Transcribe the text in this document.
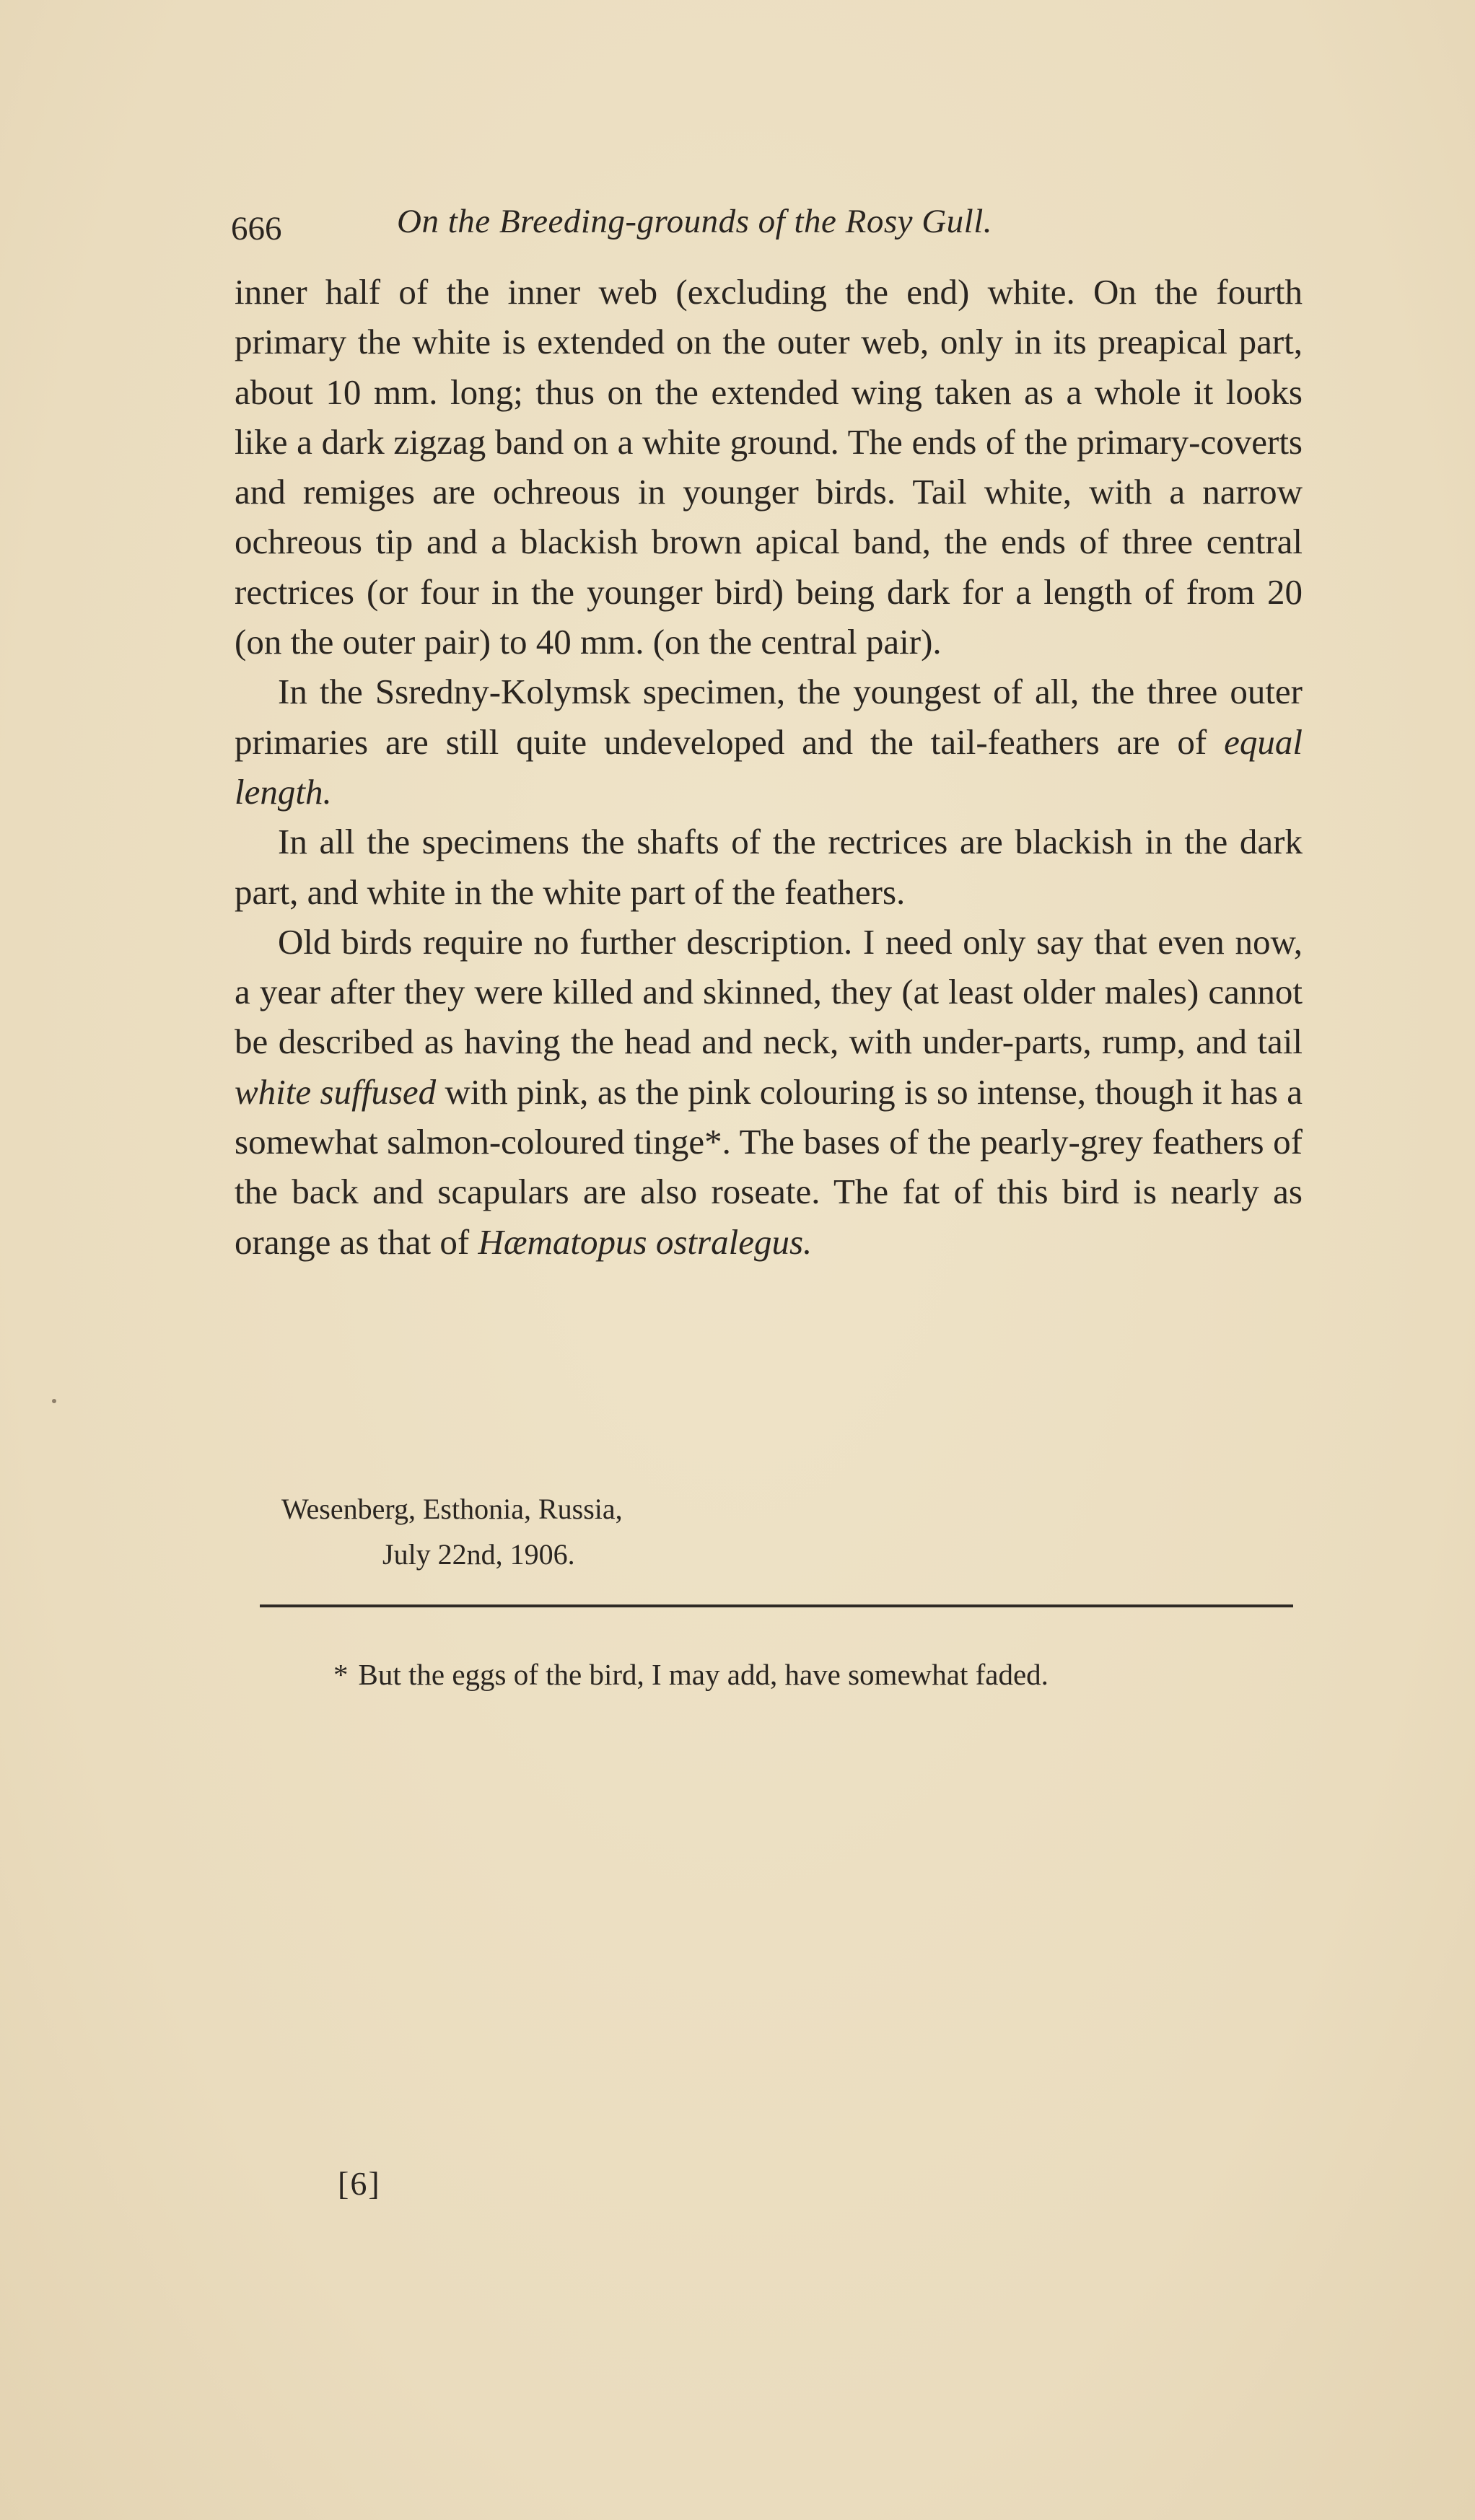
666	On the Breeding-grounds of the Rosy Gull.

inner half of the inner web (excluding the end) white. On the fourth primary the white is extended on the outer web, only in its preapical part, about 10 mm. long; thus on the extended wing taken as a whole it looks like a dark zigzag band on a white ground. The ends of the primary-coverts and remiges are ochreous in younger birds. Tail white, with a narrow ochreous tip and a blackish brown apical band, the ends of three central rectrices (or four in the younger bird) being dark for a length of from 20 (on the outer pair) to 40 mm. (on the central pair).

In the Ssredny-Kolymsk specimen, the youngest of all, the three outer primaries are still quite undeveloped and the tail-feathers are of equal length.

In all the specimens the shafts of the rectrices are blackish in the dark part, and white in the white part of the feathers.

Old birds require no further description. I need only say that even now, a year after they were killed and skinned, they (at least older males) cannot be described as having the head and neck, with under-parts, rump, and tail white suffused with pink, as the pink colouring is so intense, though it has a somewhat salmon-coloured tinge*. The bases of the pearly-grey feathers of the back and scapulars are also roseate. The fat of this bird is nearly as orange as that of Hæmatopus ostralegus.

Wesenberg, Esthonia, Russia,
July 22nd, 1906.
* But the eggs of the bird, I may add, have somewhat faded.
[6]
